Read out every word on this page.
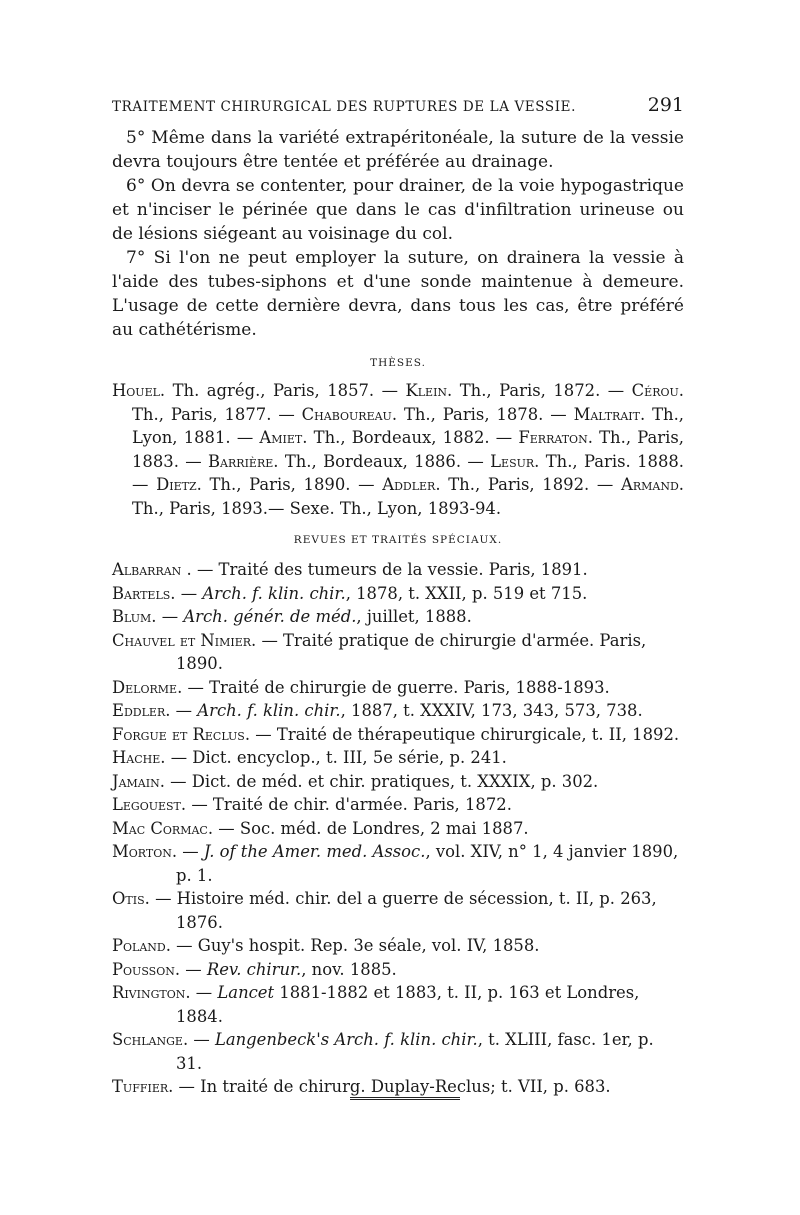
TRAITEMENT CHIRURGICAL DES RUPTURES DE LA VESSIE.	291

5° Même dans la variété extrapéritonéale, la suture de la vessie devra toujours être tentée et préférée au drainage.

6° On devra se contenter, pour drainer, de la voie hypogastrique et n'inciser le périnée que dans le cas d'infiltration urineuse ou de lésions siégeant au voisinage du col.

7° Si l'on ne peut employer la suture, on drainera la vessie à l'aide des tubes-siphons et d'une sonde maintenue à demeure. L'usage de cette dernière devra, dans tous les cas, être préféré au cathétérisme.

THÈSES.

Houel. Th. agrég., Paris, 1857. — Klein. Th., Paris, 1872. — Cérou. Th., Paris, 1877. — Chaboureau. Th., Paris, 1878. — Maltrait. Th., Lyon, 1881. — Amiet. Th., Bordeaux, 1882. — Ferraton. Th., Paris, 1883. — Barrière. Th., Bordeaux, 1886. — Lesur. Th., Paris. 1888. — Dietz. Th., Paris, 1890. — Addler. Th., Paris, 1892. — Armand. Th., Paris, 1893.— Sexe. Th., Lyon, 1893-94.

REVUES ET TRAITÉS SPÉCIAUX.

Albarran . — Traité des tumeurs de la vessie. Paris, 1891.

Bartels. — Arch. f. klin. chir., 1878, t. XXII, p. 519 et 715.

Blum. — Arch. génér. de méd., juillet, 1888.

Chauvel et Nimier. — Traité pratique de chirurgie d'armée. Paris, 1890.

Delorme. — Traité de chirurgie de guerre. Paris, 1888-1893.

Eddler. — Arch. f. klin. chir., 1887, t. XXXIV, 173, 343, 573, 738.

Forgue et Reclus. — Traité de thérapeutique chirurgicale, t. II, 1892.

Hache. — Dict. encyclop., t. III, 5e série, p. 241.

Jamain. — Dict. de méd. et chir. pratiques, t. XXXIX, p. 302.

Legouest. — Traité de chir. d'armée. Paris, 1872.

Mac Cormac. — Soc. méd. de Londres, 2 mai 1887.

Morton. — J. of the Amer. med. Assoc., vol. XIV, n° 1, 4 janvier 1890, p. 1.

Otis. — Histoire méd. chir. del a guerre de sécession, t. II, p. 263, 1876.

Poland. — Guy's hospit. Rep. 3e séale, vol. IV, 1858.

Pousson. — Rev. chirur., nov. 1885.

Rivington. — Lancet 1881-1882 et 1883, t. II, p. 163 et Londres, 1884.

Schlange. — Langenbeck's Arch. f. klin. chir., t. XLIII, fasc. 1er, p. 31.

Tuffier. — In traité de chirurg. Duplay-Reclus; t. VII, p. 683.
